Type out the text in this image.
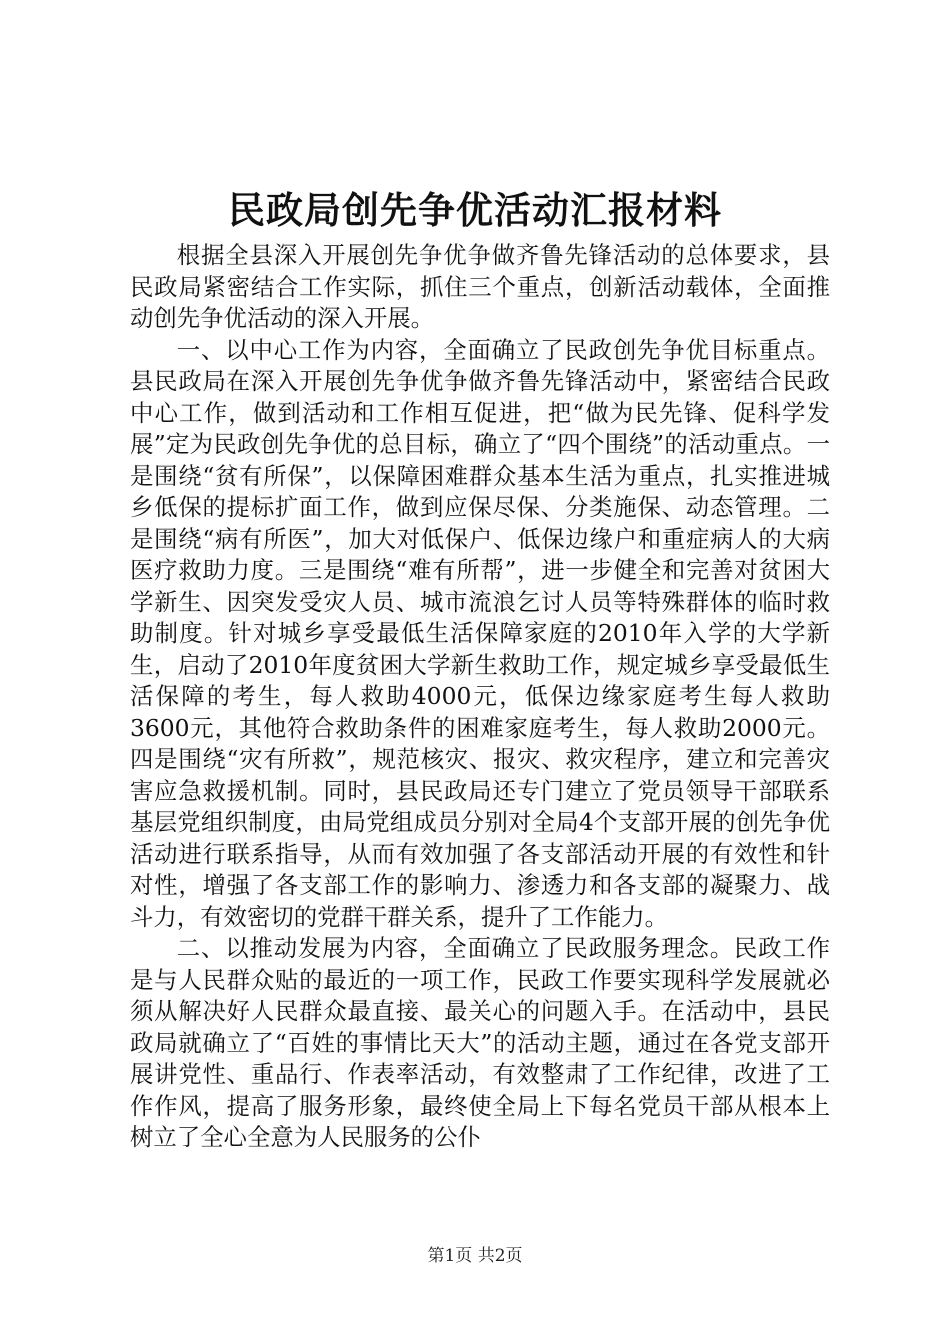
民政局创先争优活动汇报材料

根据全县深入开展创先争优争做齐鲁先锋活动的总体要求，县民政局紧密结合工作实际，抓住三个重点，创新活动载体，全面推动创先争优活动的深入开展。

一、以中心工作为内容，全面确立了民政创先争优目标重点。县民政局在深入开展创先争优争做齐鲁先锋活动中，紧密结合民政中心工作，做到活动和工作相互促进，把“做为民先锋、促科学发展”定为民政创先争优的总目标，确立了“四个围绕”的活动重点。一是围绕“贫有所保”，以保障困难群众基本生活为重点，扎实推进城乡低保的提标扩面工作，做到应保尽保、分类施保、动态管理。二是围绕“病有所医”，加大对低保户、低保边缘户和重症病人的大病医疗救助力度。三是围绕“难有所帮”，进一步健全和完善对贫困大学新生、因突发受灾人员、城市流浪乞讨人员等特殊群体的临时救助制度。针对城乡享受最低生活保障家庭的2010年入学的大学新生，启动了2010年度贫困大学新生救助工作，规定城乡享受最低生活保障的考生，每人救助4000元，低保边缘家庭考生每人救助3600元，其他符合救助条件的困难家庭考生，每人救助2000元。四是围绕“灾有所救”，规范核灾、报灾、救灾程序，建立和完善灾害应急救援机制。同时，县民政局还专门建立了党员领导干部联系基层党组织制度，由局党组成员分别对全局4个支部开展的创先争优活动进行联系指导，从而有效加强了各支部活动开展的有效性和针对性，增强了各支部工作的影响力、渗透力和各支部的凝聚力、战斗力，有效密切的党群干群关系，提升了工作能力。

二、以推动发展为内容，全面确立了民政服务理念。民政工作是与人民群众贴的最近的一项工作，民政工作要实现科学发展就必须从解决好人民群众最直接、最关心的问题入手。在活动中，县民政局就确立了“百姓的事情比天大”的活动主题，通过在各党支部开展讲党性、重品行、作表率活动，有效整肃了工作纪律，改进了工作作风，提高了服务形象，最终使全局上下每名党员干部从根本上树立了全心全意为人民服务的公仆

第1页 共2页
